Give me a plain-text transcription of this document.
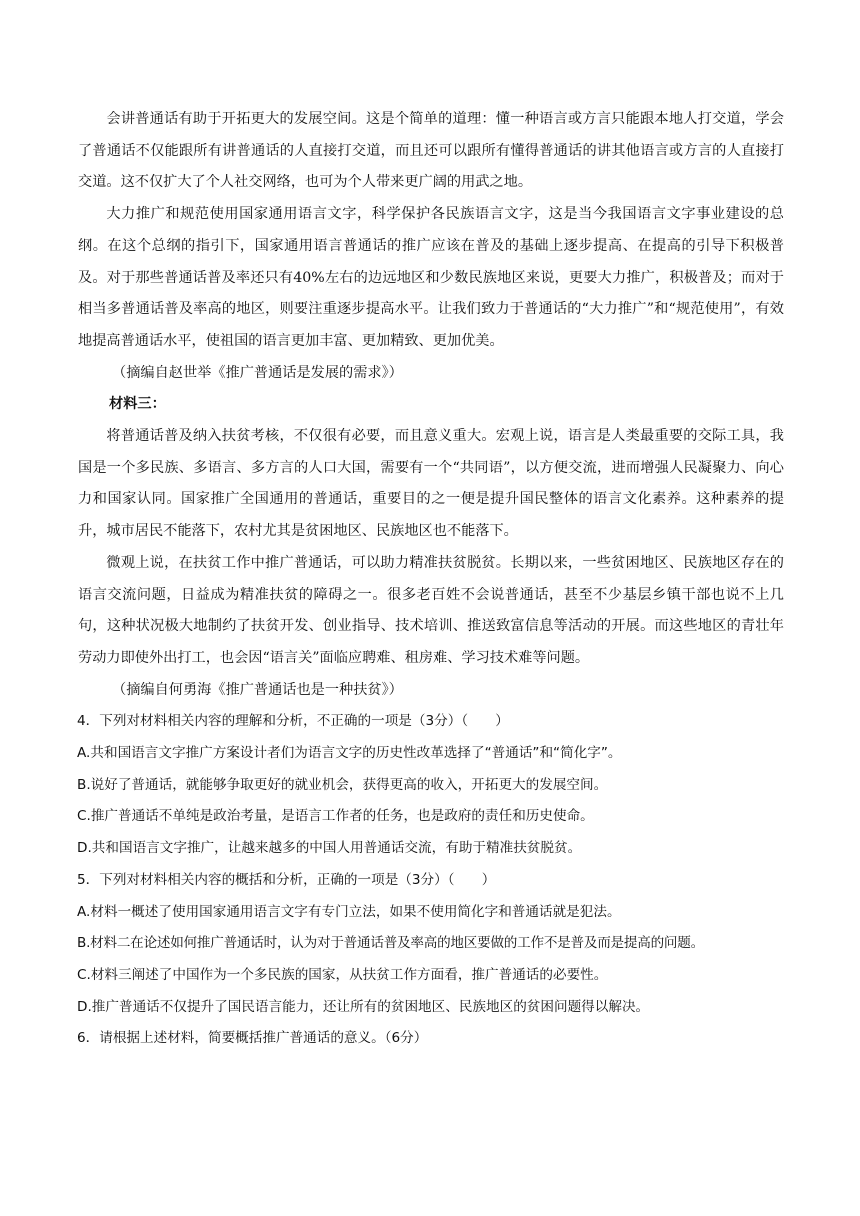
会讲普通话有助于开拓更大的发展空间。这是个简单的道理：懂一种语言或方言只能跟本地人打交道，学会了普通话不仅能跟所有讲普通话的人直接打交道，而且还可以跟所有懂得普通话的讲其他语言或方言的人直接打交道。这不仅扩大了个人社交网络，也可为个人带来更广阔的用武之地。

大力推广和规范使用国家通用语言文字，科学保护各民族语言文字，这是当今我国语言文字事业建设的总纲。在这个总纲的指引下，国家通用语言普通话的推广应该在普及的基础上逐步提高、在提高的引导下积极普及。对于那些普通话普及率还只有40%左右的边远地区和少数民族地区来说，更要大力推广，积极普及；而对于相当多普通话普及率高的地区，则要注重逐步提高水平。让我们致力于普通话的“大力推广”和“规范使用”，有效地提高普通话水平，使祖国的语言更加丰富、更加精致、更加优美。

（摘编自赵世举《推广普通话是发展的需求》）

材料三：

将普通话普及纳入扶贫考核，不仅很有必要，而且意义重大。宏观上说，语言是人类最重要的交际工具，我国是一个多民族、多语言、多方言的人口大国，需要有一个“共同语”，以方便交流，进而增强人民凝聚力、向心力和国家认同。国家推广全国通用的普通话，重要目的之一便是提升国民整体的语言文化素养。这种素养的提升，城市居民不能落下，农村尤其是贫困地区、民族地区也不能落下。

微观上说，在扶贫工作中推广普通话，可以助力精准扶贫脱贫。长期以来，一些贫困地区、民族地区存在的语言交流问题，日益成为精准扶贫的障碍之一。很多老百姓不会说普通话，甚至不少基层乡镇干部也说不上几句，这种状况极大地制约了扶贫开发、创业指导、技术培训、推送致富信息等活动的开展。而这些地区的青壮年劳动力即使外出打工，也会因“语言关”面临应聘难、租房难、学习技术难等问题。

（摘编自何勇海《推广普通话也是一种扶贫》）

4．下列对材料相关内容的理解和分析，不正确的一项是（3分）（　　）

A.共和国语言文字推广方案设计者们为语言文字的历史性改革选择了“普通话”和“简化字”。

B.说好了普通话，就能够争取更好的就业机会，获得更高的收入，开拓更大的发展空间。

C.推广普通话不单纯是政治考量，是语言工作者的任务，也是政府的责任和历史使命。

D.共和国语言文字推广，让越来越多的中国人用普通话交流，有助于精准扶贫脱贫。

5．下列对材料相关内容的概括和分析，正确的一项是（3分）（　　）

A.材料一概述了使用国家通用语言文字有专门立法，如果不使用简化字和普通话就是犯法。

B.材料二在论述如何推广普通话时，认为对于普通话普及率高的地区要做的工作不是普及而是提高的问题。

C.材料三阐述了中国作为一个多民族的国家，从扶贫工作方面看，推广普通话的必要性。

D.推广普通话不仅提升了国民语言能力，还让所有的贫困地区、民族地区的贫困问题得以解决。

6．请根据上述材料，简要概括推广普通话的意义。（6分）
